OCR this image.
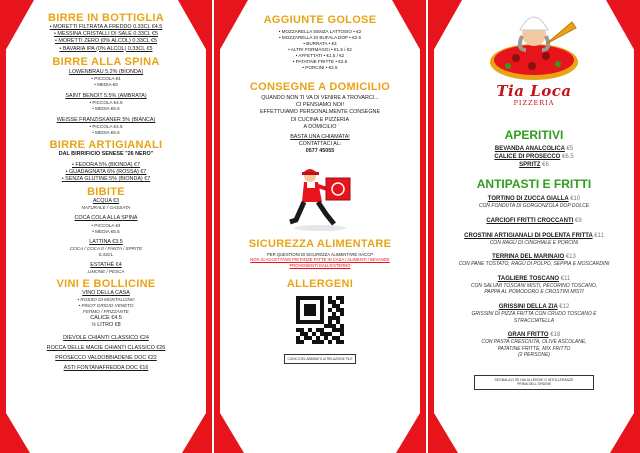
BIRRE IN BOTTIGLIA
• MORETTI FILTRATA A FREDDO 0.33CL €4.5
• MESSINA CRISTALLI DI SALE 0.33CL €5
• MORETTI ZERO (0% ALCOL) 0.33CL €5
• BAVARIA IPA (0% ALCOL) 0.33CL €5
BIRRE ALLA SPINA
LOWENBRAU 5.2% (BIONDA)
• PICCOLA €4
• MEDIA €6
SAINT BENOIT 5.5% (AMBRATA)
• PICCOLA €4.5
• MEDIA €6.5
WEISSE FRANZISKANER 5% (BIANCA)
• PICCOLA €4.5
• MEDIA €6.5
BIRRE ARTIGIANALI
DAL BIRRIFICIO SENESE "26 NERO"
• FEDORA 5% (BIONDA) €7
• GUADAGNATA 6% (ROSSA) €7
• SENZA GLUTINE 5% (BIONDA) €7
BIBITE
ACQUA €3
NATURALE / GASSATA
COCA COLA ALLA SPINA
• PICCOLA €4
• MEDIA €5.5
LATTINA €3.5
COCA / COCA 0 / FANTA / SPRITE
0.33CL
ESTATHÈ €4
LIMONE / PESCA
VINI E BOLLICINE
VINO DELLA CASA
• ROSSO DI MONTALCINO
• PINOT GRIGIO VENETO
FERMO / FRIZZANTE
CALICE €4.5
½ LITRO €8
DIEVOLE CHIANTI CLASSICO €24
ROCCA DELLE MACIE CHIANTI CLASSICO €26
PROSECCO VALDOBBIADENE DOC €22
ASTI FONTANAFREDDA DOC €16
AGGIUNTE GOLOSE
• MOZZARELLA SENZA LATTOSIO • €2
• MOZZARELLA DI BUFALA DOP • €2.5
• BURRATA • €3
• ALTRI FORMAGGI • €1.5 / €2
• AFFETTATI • €1.5 / €2
• PATATINE FRITTE • €2.5
• PORCINI • €2.5
CONSEGNE A DOMICILIO
QUANDO NON TI VA DI VENIRE A TROVARCI...
CI PENSIAMO NOI!
EFFETTUIAMO PERSONALMENTE CONSEGNE
DI CUCINA E PIZZERIA
A DOMICILIO
BASTA UNA CHIAMATA!
CONTATTACI AL:
0577 45055
SICUREZZA ALIMENTARE
PER QUESTIONI DI SICUREZZA ALIMENTARE HACCP
NON SI ACCETTANO PIETANZE FATTE IN CASA / ALIMENTI / BEVANDE
PROVENIENTI DALL'ESTERNO
ALLERGENI
CODICI DEL ABBINATO AI RELAZIONE FILE
Tia Loca
PIZZERIA
APERITIVI
BEVANDA ANALCOLICA €5
CALICE DI PROSECCO €6.5
SPRITZ €6
ANTIPASTI E FRITTI
TORTINO DI ZUCCA GIALLA €10
CON FONDUTA DI GORGONZOLA DOP DOLCE
CARCIOFI FRITTI CROCCANTI €9
CROSTINI ARTIGIANALI DI POLENTA FRITTA €11
CON RAGÙ DI CINGHIALE E PORCINI
TERRINA DEL MARINAIO €13
CON PANE TOSTATO, RAGÙ DI POLPO, SEPPIA E MOSCARDINI
TAGLIERE TOSCANO €11
CON SALUMI TOSCANI MISTI, PECORINO TOSCANO,
PAPPA AL POMODORO E CROSTINI MISTI
GRISSINI DELLA ZIA €12
GRISSINI DI PIZZA FRITTA CON CRUDO TOSCANO E STRACCIATELLA
GRAN FRITTO €18
CON PASTA CRESCIUTA, OLIVE ASCOLANE,
PATATINE FRITTE, MIX FRITTO
(2 PERSONE)
SEGNALACI SE HAI ALLERGIE O INTOLLERANZE
PRIMA DELL'ORDINE
